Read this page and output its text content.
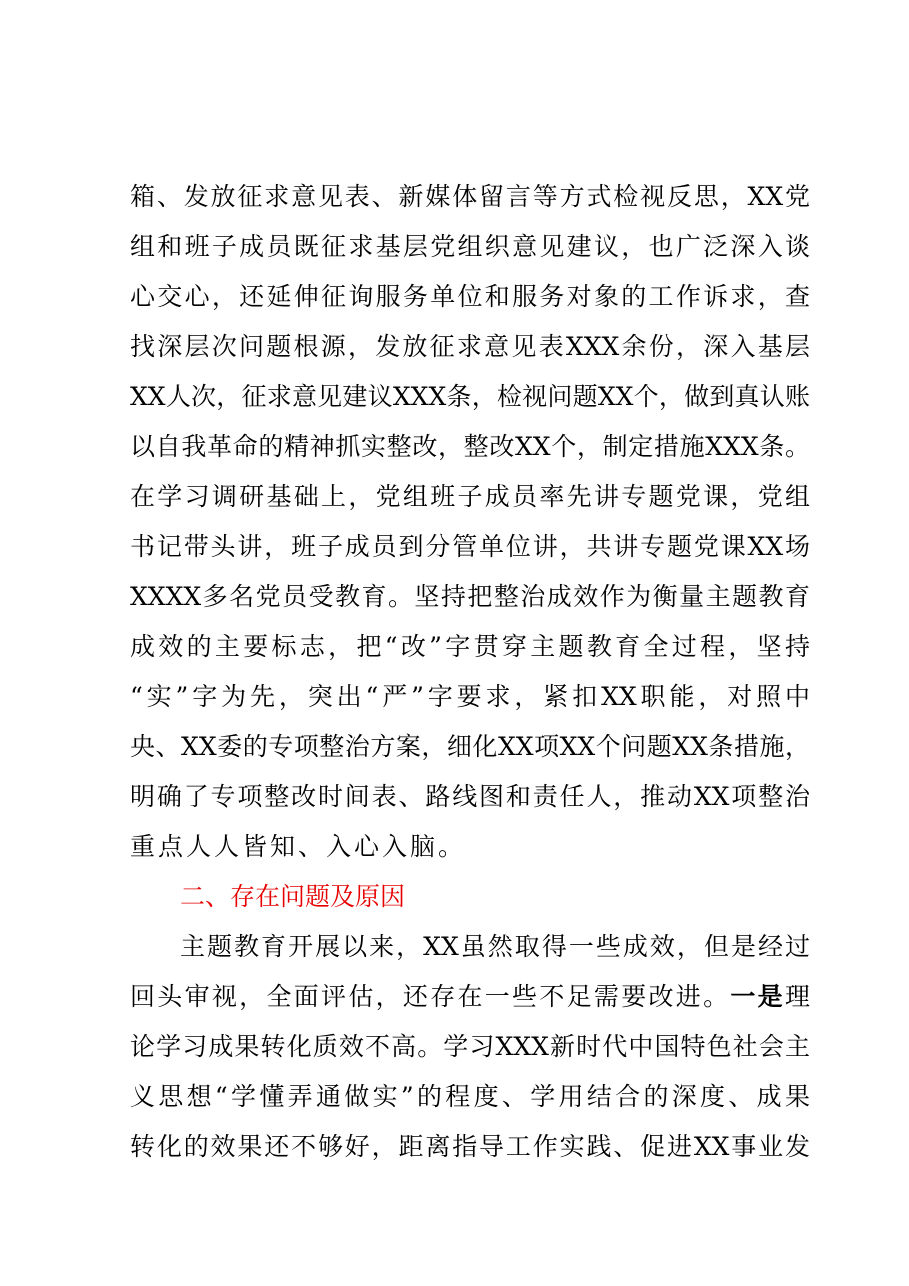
箱、发放征求意见表、新媒体留言等方式检视反思，XX党
组和班子成员既征求基层党组织意见建议，也广泛深入谈
心交心，还延伸征询服务单位和服务对象的工作诉求，查
找深层次问题根源，发放征求意见表XXX余份，深入基层
XX人次，征求意见建议XXX条，检视问题XX个，做到真认账
以自我革命的精神抓实整改，整改XX个，制定措施XXX条。
在学习调研基础上，党组班子成员率先讲专题党课，党组
书记带头讲，班子成员到分管单位讲，共讲专题党课XX场
XXXX多名党员受教育。坚持把整治成效作为衡量主题教育
成效的主要标志，把“改”字贯穿主题教育全过程，坚持
“实”字为先，突出“严”字要求，紧扣XX职能，对照中
央、XX委的专项整治方案，细化XX项XX个问题XX条措施，
明确了专项整改时间表、路线图和责任人，推动XX项整治
重点人人皆知、入心入脑。
二、存在问题及原因
主题教育开展以来，XX虽然取得一些成效，但是经过
回头审视，全面评估，还存在一些不足需要改进。一是理
论学习成果转化质效不高。学习XXX新时代中国特色社会主
义思想“学懂弄通做实”的程度、学用结合的深度、成果
转化的效果还不够好，距离指导工作实践、促进XX事业发
